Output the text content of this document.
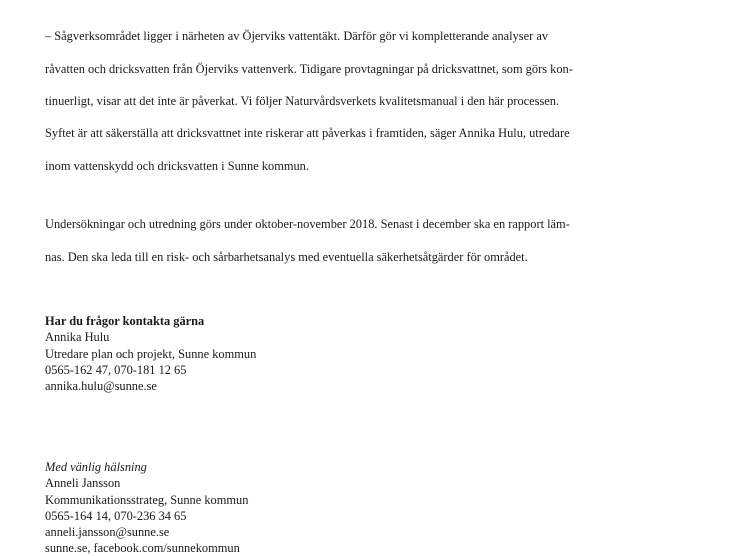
– Sågverksområdet ligger i närheten av Öjerviks vattentäkt. Därför gör vi kompletterande analyser av

råvatten och dricksvatten från Öjerviks vattenverk. Tidigare provtagningar på dricksvattnet, som görs kon-

tinuerligt, visar att det inte är påverkat. Vi följer Naturvårdsverkets kvalitetsmanual i den här processen.

Syftet är att säkerställa att dricksvattnet inte riskerar att påverkas i framtiden, säger Annika Hulu, utredare

inom vattenskydd och dricksvatten i Sunne kommun.

Undersökningar och utredning görs under oktober-november 2018. Senast i december ska en rapport läm-

nas. Den ska leda till en risk- och sårbarhetsanalys med eventuella säkerhetsåtgärder för området.

Har du frågor kontakta gärna
Annika Hulu
Utredare plan och projekt, Sunne kommun
0565-162 47, 070-181 12 65
annika.hulu@sunne.se
Med vänlig hälsning
Anneli Jansson
Kommunikationsstrateg, Sunne kommun
0565-164 14, 070-236 34 65
anneli.jansson@sunne.se
sunne.se, facebook.com/sunnekommun
